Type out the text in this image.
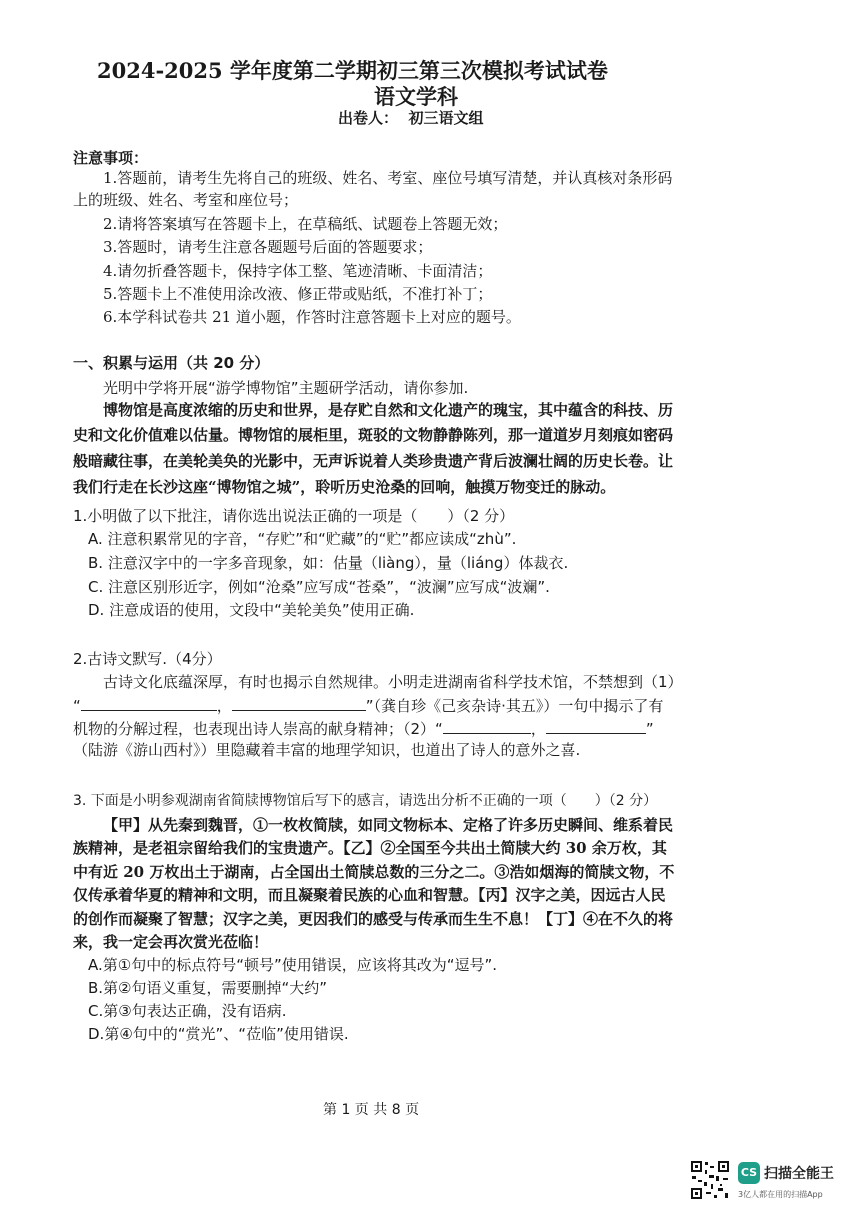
2024-2025 学年度第二学期初三第三次模拟考试试卷
语文学科
出卷人： 初三语文组
注意事项：
1.答题前，请考生先将自己的班级、姓名、考室、座位号填写清楚，并认真核对条形码
上的班级、姓名、考室和座位号；
2.请将答案填写在答题卡上，在草稿纸、试题卷上答题无效；
3.答题时，请考生注意各题题号后面的答题要求；
4.请勿折叠答题卡，保持字体工整、笔迹清晰、卡面清洁；
5.答题卡上不准使用涂改液、修正带或贴纸，不准打补丁；
6.本学科试卷共 21 道小题，作答时注意答题卡上对应的题号。
一、积累与运用（共 20 分）
光明中学将开展“游学博物馆”主题研学活动，请你参加.
博物馆是高度浓缩的历史和世界，是存贮自然和文化遗产的瑰宝，其中蕴含的科技、历
史和文化价值难以估量。博物馆的展柜里，斑驳的文物静静陈列，那一道道岁月刻痕如密码
般暗藏往事，在美轮美奂的光影中，无声诉说着人类珍贵遗产背后波澜壮阔的历史长卷。让
我们行走在长沙这座“博物馆之城”，聆听历史沧桑的回响，触摸万物变迁的脉动。
1.小明做了以下批注，请你选出说法正确的一项是（　　）（2 分）
A. 注意积累常见的字音，“存贮”和“贮藏”的“贮”都应读成“zhù”.
B. 注意汉字中的一字多音现象，如：估量（liàng），量（liáng）体裁衣.
C. 注意区别形近字，例如“沧桑”应写成“苍桑”，“波澜”应写成“波斓”.
D. 注意成语的使用，文段中“美轮美奂”使用正确.
2.古诗文默写.（4分）
古诗文化底蕴深厚，有时也揭示自然规律。小明走进湖南省科学技术馆，不禁想到（1）
“	，	”（龚自珍《己亥杂诗·其五》）一句中揭示了有
机物的分解过程，也表现出诗人崇高的献身精神；（2）“	，	”
（陆游《游山西村》）里隐藏着丰富的地理学知识，也道出了诗人的意外之喜.
3. 下面是小明参观湖南省简牍博物馆后写下的感言，请选出分析不正确的一项（　　）（2 分）
【甲】从先秦到魏晋，①一枚枚简牍，如同文物标本、定格了许多历史瞬间、维系着民
族精神，是老祖宗留给我们的宝贵遗产。【乙】②全国至今共出土简牍大约 30 余万枚，其
中有近 20 万枚出土于湖南，占全国出土简牍总数的三分之二。③浩如烟海的简牍文物，不
仅传承着华夏的精神和文明，而且凝聚着民族的心血和智慧。【丙】汉字之美，因远古人民
的创作而凝聚了智慧；汉字之美，更因我们的感受与传承而生生不息！【丁】④在不久的将
来，我一定会再次赏光莅临！
A.第①句中的标点符号“顿号”使用错误，应该将其改为“逗号”.
B.第②句语义重复，需要删掉“大约”
C.第③句表达正确，没有语病.
D.第④句中的“赏光”、“莅临”使用错误.
第 1 页 共 8 页
CS 扫描全能王
3亿人都在用的扫描App
